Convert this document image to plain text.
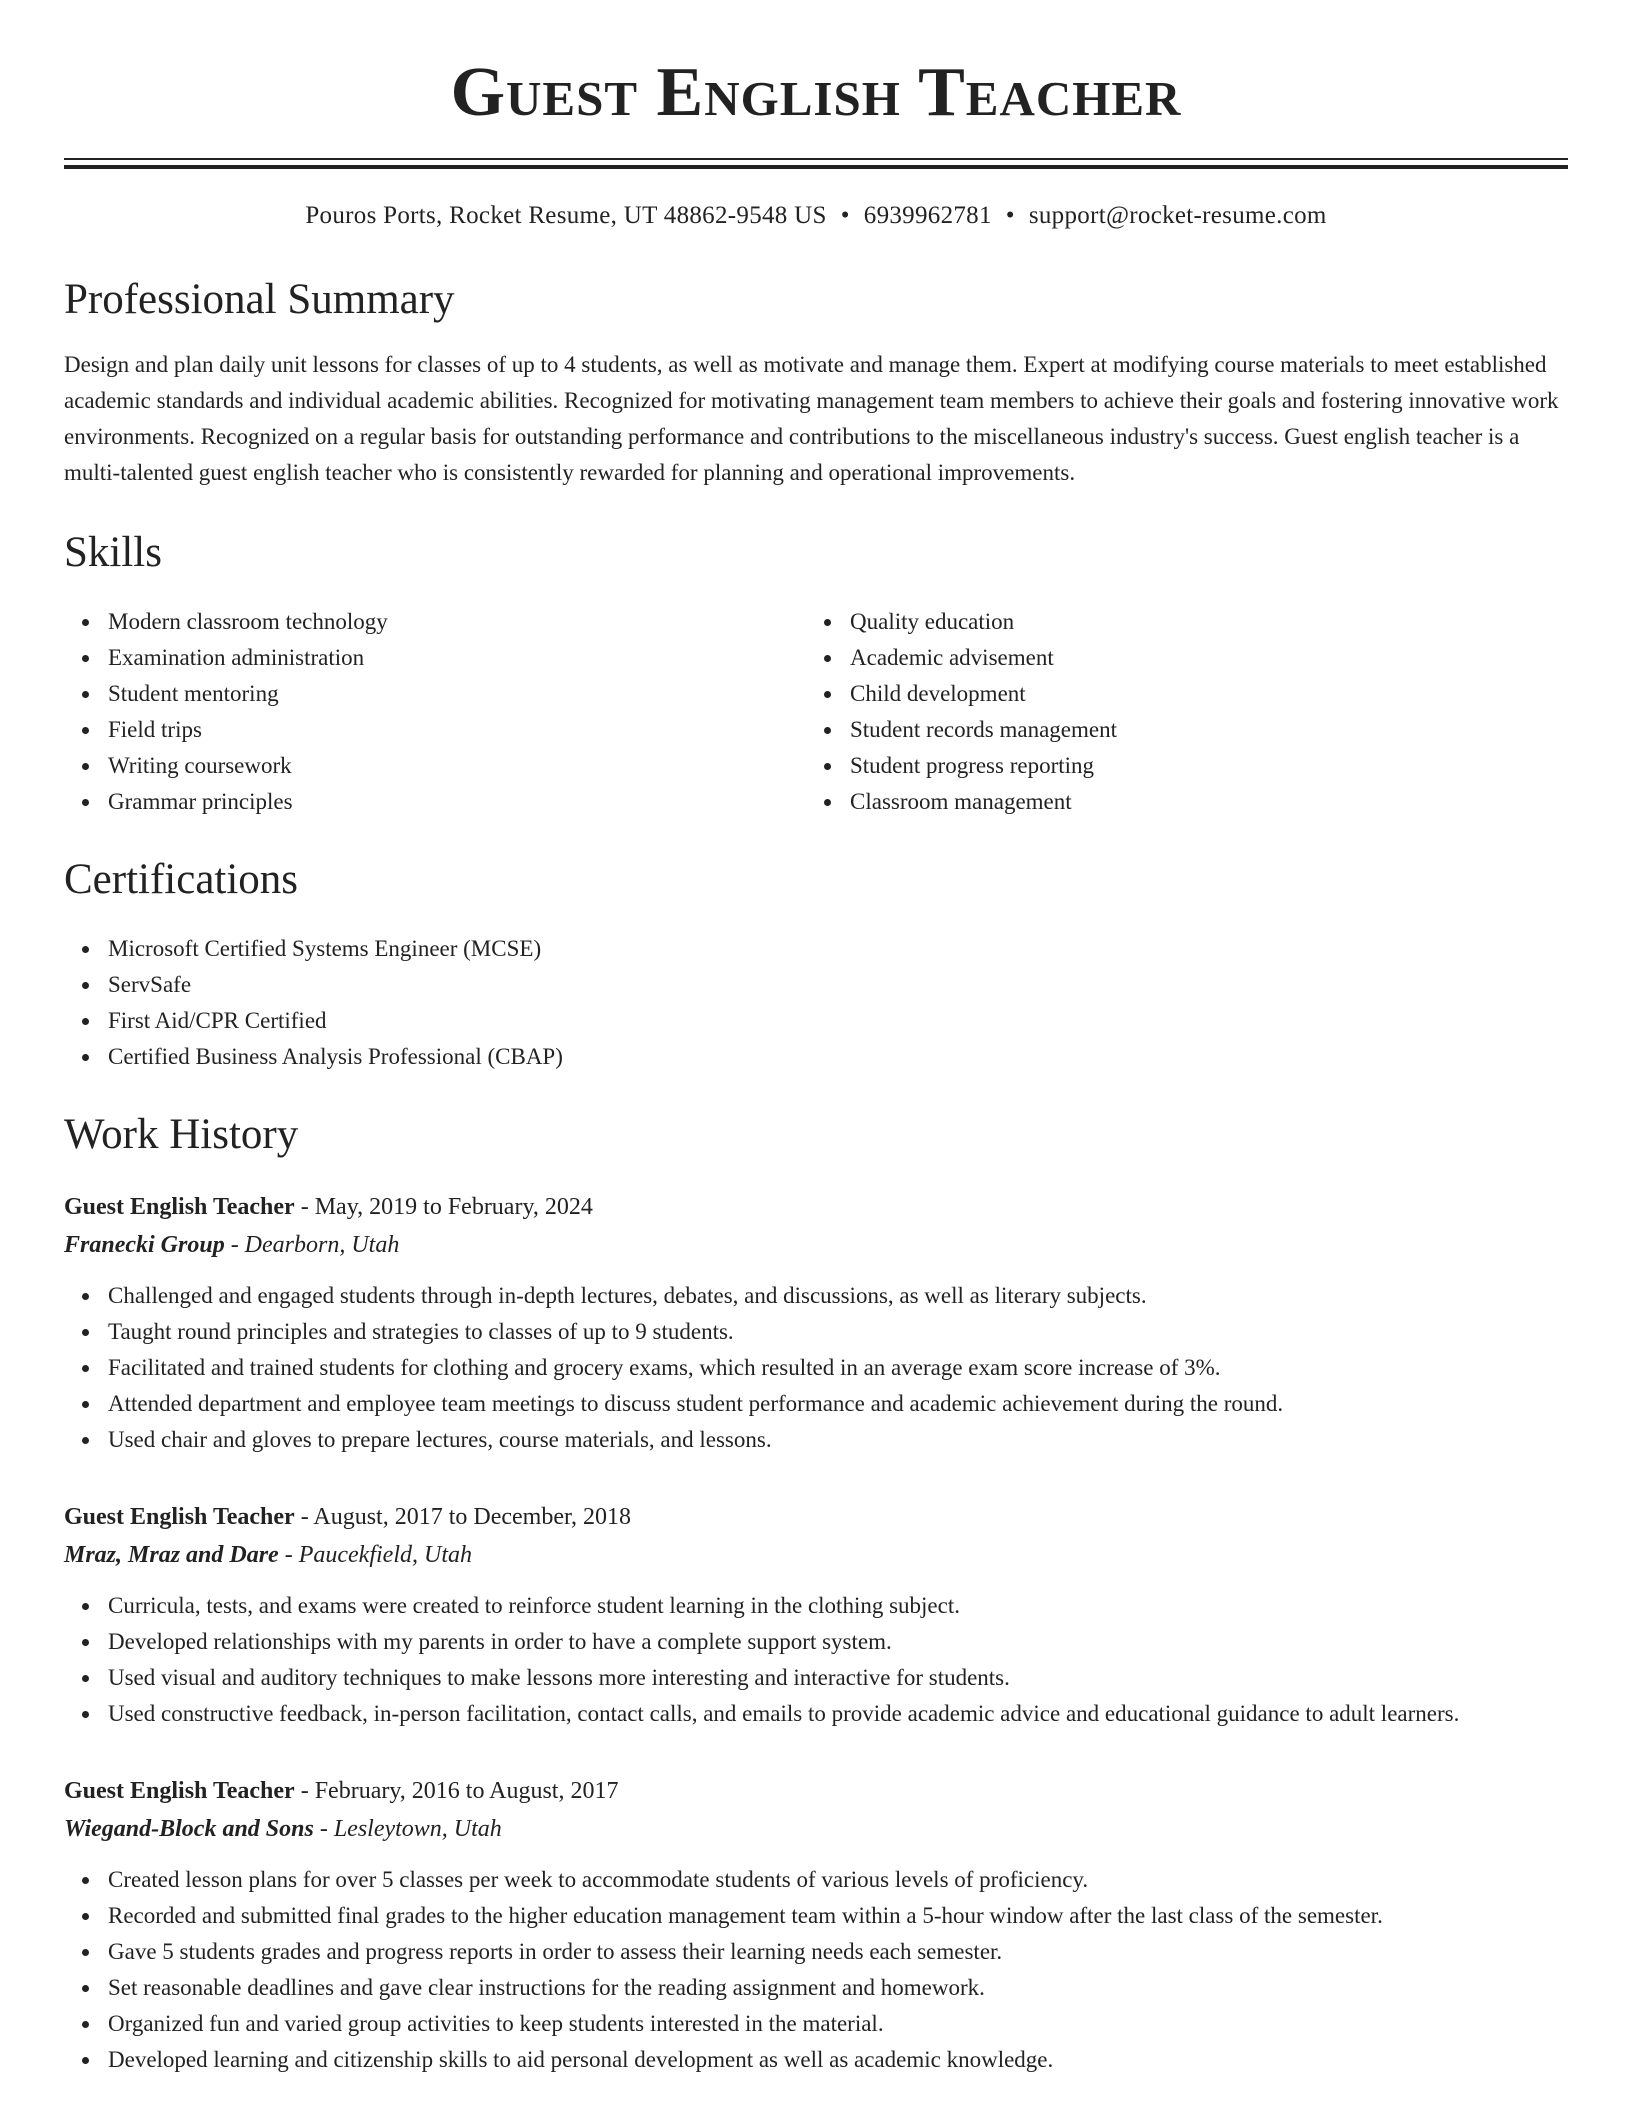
Guest English Teacher
Pouros Ports, Rocket Resume, UT 48862-9548 US • 6939962781 • support@rocket-resume.com
Professional Summary

Design and plan daily unit lessons for classes of up to 4 students, as well as motivate and manage them. Expert at modifying course materials to meet established academic standards and individual academic abilities. Recognized for motivating management team members to achieve their goals and fostering innovative work environments. Recognized on a regular basis for outstanding performance and contributions to the miscellaneous industry's success. Guest english teacher is a multi-talented guest english teacher who is consistently rewarded for planning and operational improvements.

Skills
Modern classroom technology
Examination administration
Student mentoring
Field trips
Writing coursework
Grammar principles
Quality education
Academic advisement
Child development
Student records management
Student progress reporting
Classroom management
Certifications
Microsoft Certified Systems Engineer (MCSE)
ServSafe
First Aid/CPR Certified
Certified Business Analysis Professional (CBAP)
Work History
Guest English Teacher - May, 2019 to February, 2024
Franecki Group - Dearborn, Utah
Challenged and engaged students through in-depth lectures, debates, and discussions, as well as literary subjects.
Taught round principles and strategies to classes of up to 9 students.
Facilitated and trained students for clothing and grocery exams, which resulted in an average exam score increase of 3%.
Attended department and employee team meetings to discuss student performance and academic achievement during the round.
Used chair and gloves to prepare lectures, course materials, and lessons.
Guest English Teacher - August, 2017 to December, 2018
Mraz, Mraz and Dare - Paucekfield, Utah
Curricula, tests, and exams were created to reinforce student learning in the clothing subject.
Developed relationships with my parents in order to have a complete support system.
Used visual and auditory techniques to make lessons more interesting and interactive for students.
Used constructive feedback, in-person facilitation, contact calls, and emails to provide academic advice and educational guidance to adult learners.
Guest English Teacher - February, 2016 to August, 2017
Wiegand-Block and Sons - Lesleytown, Utah
Created lesson plans for over 5 classes per week to accommodate students of various levels of proficiency.
Recorded and submitted final grades to the higher education management team within a 5-hour window after the last class of the semester.
Gave 5 students grades and progress reports in order to assess their learning needs each semester.
Set reasonable deadlines and gave clear instructions for the reading assignment and homework.
Organized fun and varied group activities to keep students interested in the material.
Developed learning and citizenship skills to aid personal development as well as academic knowledge.
